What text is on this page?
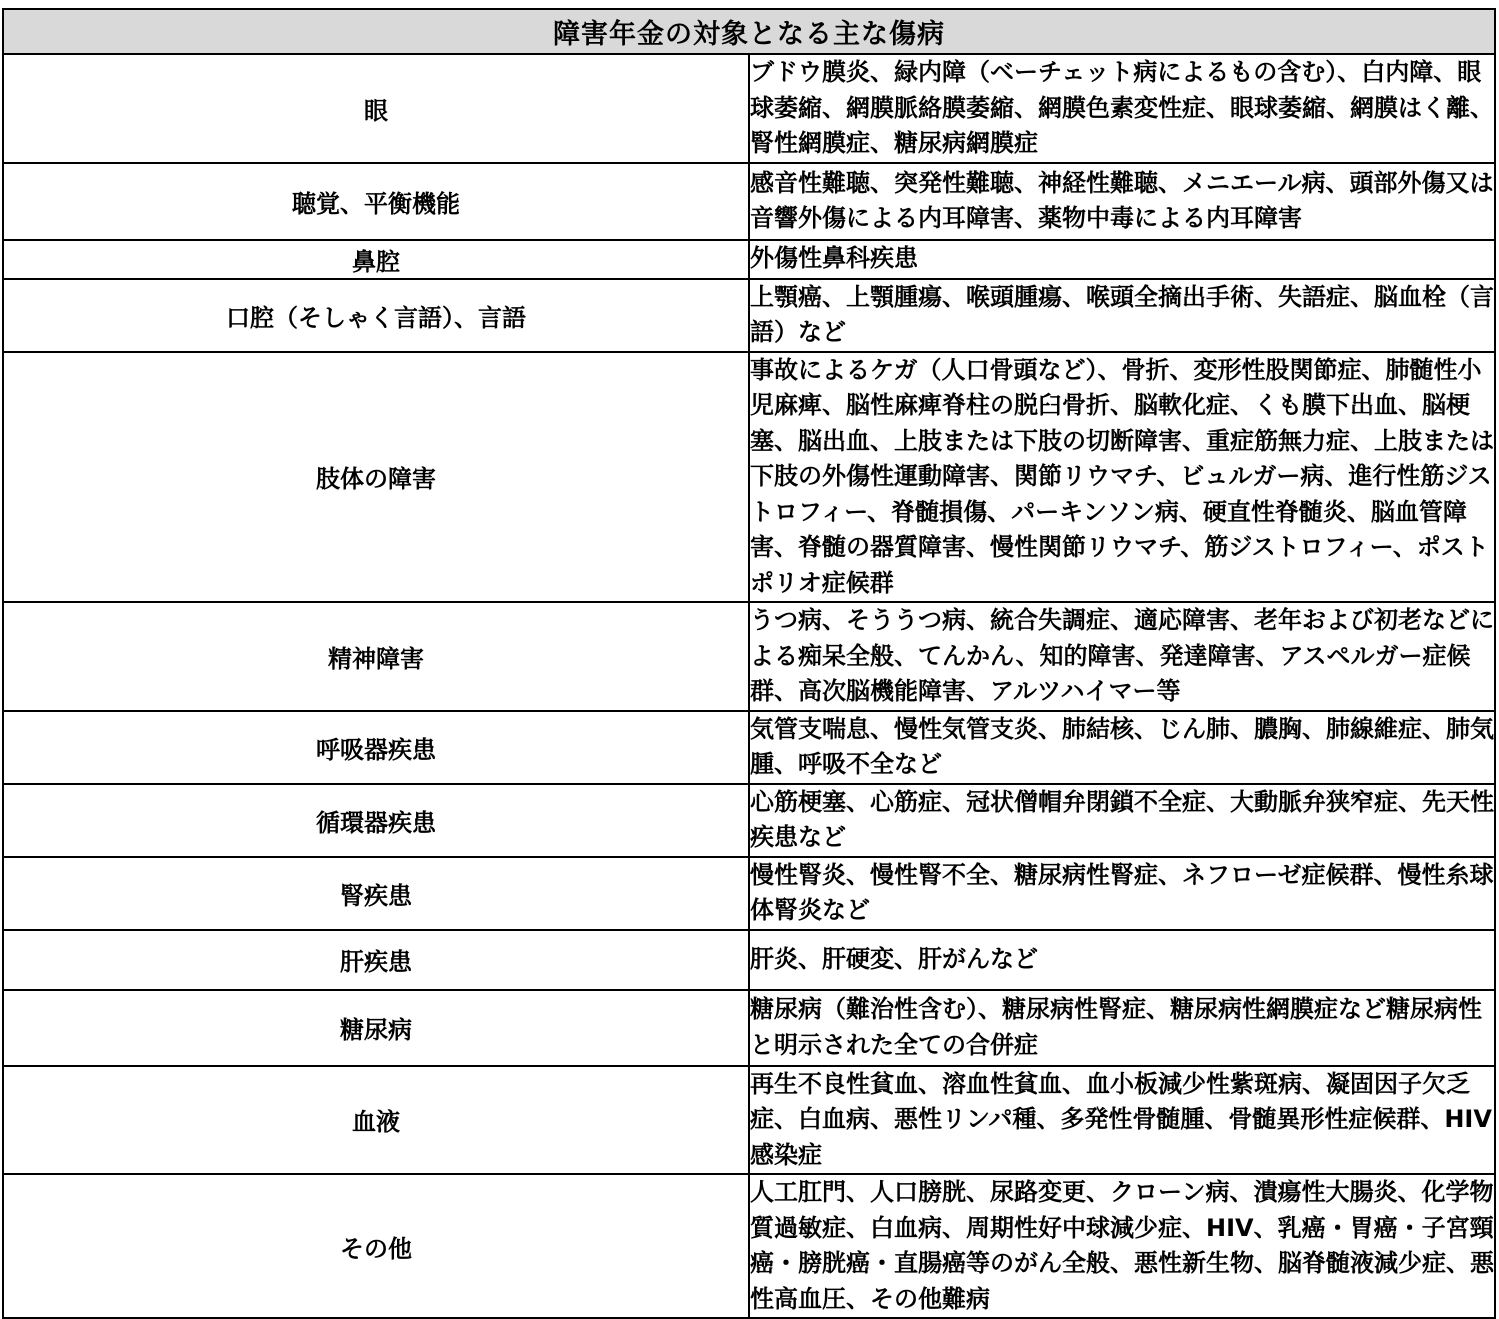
障害年金の対象となる主な傷病	
眼	ブドウ膜炎、緑内障（ベーチェット病によるもの含む）、白内障、眼球萎縮、網膜脈絡膜萎縮、網膜色素変性症、眼球萎縮、網膜はく離、腎性網膜症、糖尿病網膜症
聴覚、平衡機能	感音性難聴、突発性難聴、神経性難聴、メニエール病、頭部外傷又は音響外傷による内耳障害、薬物中毒による内耳障害
鼻腔	外傷性鼻科疾患
口腔（そしゃく言語）、言語	上顎癌、上顎腫瘍、喉頭腫瘍、喉頭全摘出手術、失語症、脳血栓（言語）など
肢体の障害	事故によるケガ（人口骨頭など）、骨折、変形性股関節症、肺髄性小児麻痺、脳性麻痺脊柱の脱臼骨折、脳軟化症、くも膜下出血、脳梗塞、脳出血、上肢または下肢の切断障害、重症筋無力症、上肢または下肢の外傷性運動障害、関節リウマチ、ビュルガー病、進行性筋ジストロフィー、脊髄損傷、パーキンソン病、硬直性脊髄炎、脳血管障害、脊髄の器質障害、慢性関節リウマチ、筋ジストロフィー、ポストポリオ症候群
精神障害	うつ病、そううつ病、統合失調症、適応障害、老年および初老などによる痴呆全般、てんかん、知的障害、発達障害、アスペルガー症候群、高次脳機能障害、アルツハイマー等
呼吸器疾患	気管支喘息、慢性気管支炎、肺結核、じん肺、膿胸、肺線維症、肺気腫、呼吸不全など
循環器疾患	心筋梗塞、心筋症、冠状僧帽弁閉鎖不全症、大動脈弁狭窄症、先天性疾患など
腎疾患	慢性腎炎、慢性腎不全、糖尿病性腎症、ネフローゼ症候群、慢性糸球体腎炎など
肝疾患	肝炎、肝硬変、肝がんなど
糖尿病	糖尿病（難治性含む）、糖尿病性腎症、糖尿病性網膜症など糖尿病性と明示された全ての合併症
血液	再生不良性貧血、溶血性貧血、血小板減少性紫斑病、凝固因子欠乏症、白血病、悪性リンパ種、多発性骨髄腫、骨髄異形性症候群、HIV感染症
その他	人工肛門、人口膀胱、尿路変更、クローン病、潰瘍性大腸炎、化学物質過敏症、白血病、周期性好中球減少症、HIV、乳癌・胃癌・子宮頸癌・膀胱癌・直腸癌等のがん全般、悪性新生物、脳脊髄液減少症、悪性高血圧、その他難病
